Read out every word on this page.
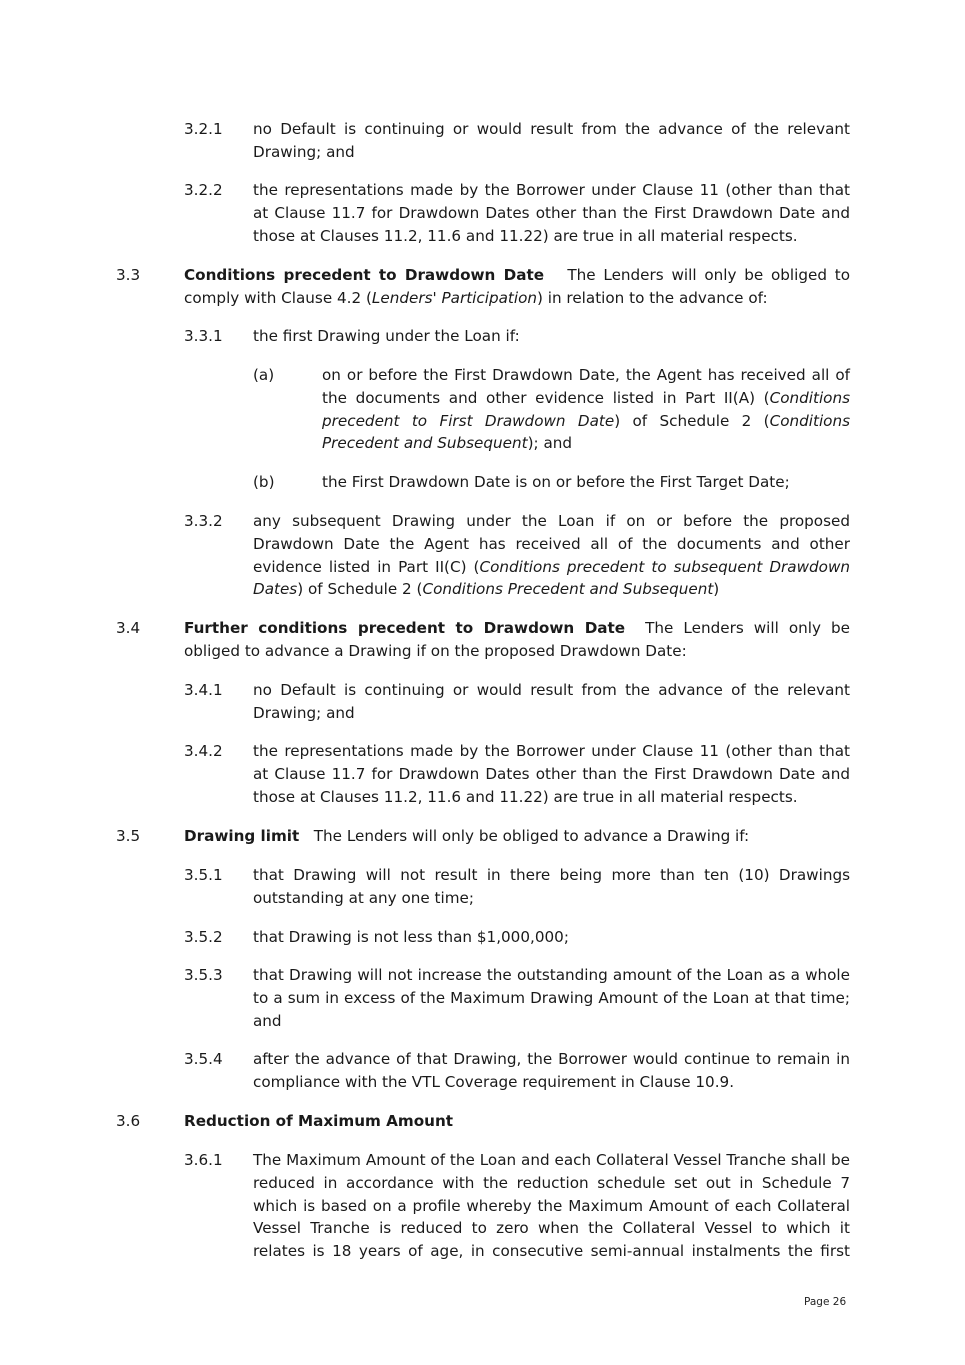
3.2.1 no Default is continuing or would result from the advance of the relevant Drawing; and
3.2.2 the representations made by the Borrower under Clause 11 (other than that at Clause 11.7 for Drawdown Dates other than the First Drawdown Date and those at Clauses 11.2, 11.6 and 11.22) are true in all material respects.
3.3	Conditions precedent to Drawdown Date The Lenders will only be obliged to comply with Clause 4.2 (Lenders' Participation) in relation to the advance of:
3.3.1 the first Drawing under the Loan if:
(a)	on or before the First Drawdown Date, the Agent has received all of the documents and other evidence listed in Part II(A) (Conditions precedent to First Drawdown Date) of Schedule 2 (Conditions Precedent and Subsequent); and
(b)	the First Drawdown Date is on or before the First Target Date;
3.3.2 any subsequent Drawing under the Loan if on or before the proposed Drawdown Date the Agent has received all of the documents and other evidence listed in Part II(C) (Conditions precedent to subsequent Drawdown Dates) of Schedule 2 (Conditions Precedent and Subsequent)
3.4	Further conditions precedent to Drawdown Date The Lenders will only be obliged to advance a Drawing if on the proposed Drawdown Date:
3.4.1 no Default is continuing or would result from the advance of the relevant Drawing; and
3.4.2 the representations made by the Borrower under Clause 11 (other than that at Clause 11.7 for Drawdown Dates other than the First Drawdown Date and those at Clauses 11.2, 11.6 and 11.22) are true in all material respects.
3.5	Drawing limit The Lenders will only be obliged to advance a Drawing if:
3.5.1 that Drawing will not result in there being more than ten (10) Drawings outstanding at any one time;
3.5.2 that Drawing is not less than $1,000,000;
3.5.3 that Drawing will not increase the outstanding amount of the Loan as a whole to a sum in excess of the Maximum Drawing Amount of the Loan at that time; and
3.5.4 after the advance of that Drawing, the Borrower would continue to remain in compliance with the VTL Coverage requirement in Clause 10.9.
3.6	Reduction of Maximum Amount
3.6.1 The Maximum Amount of the Loan and each Collateral Vessel Tranche shall be reduced in accordance with the reduction schedule set out in Schedule 7 which is based on a profile whereby the Maximum Amount of each Collateral Vessel Tranche is reduced to zero when the Collateral Vessel to which it relates is 18 years of age, in consecutive semi-annual instalments the first
Page 26
